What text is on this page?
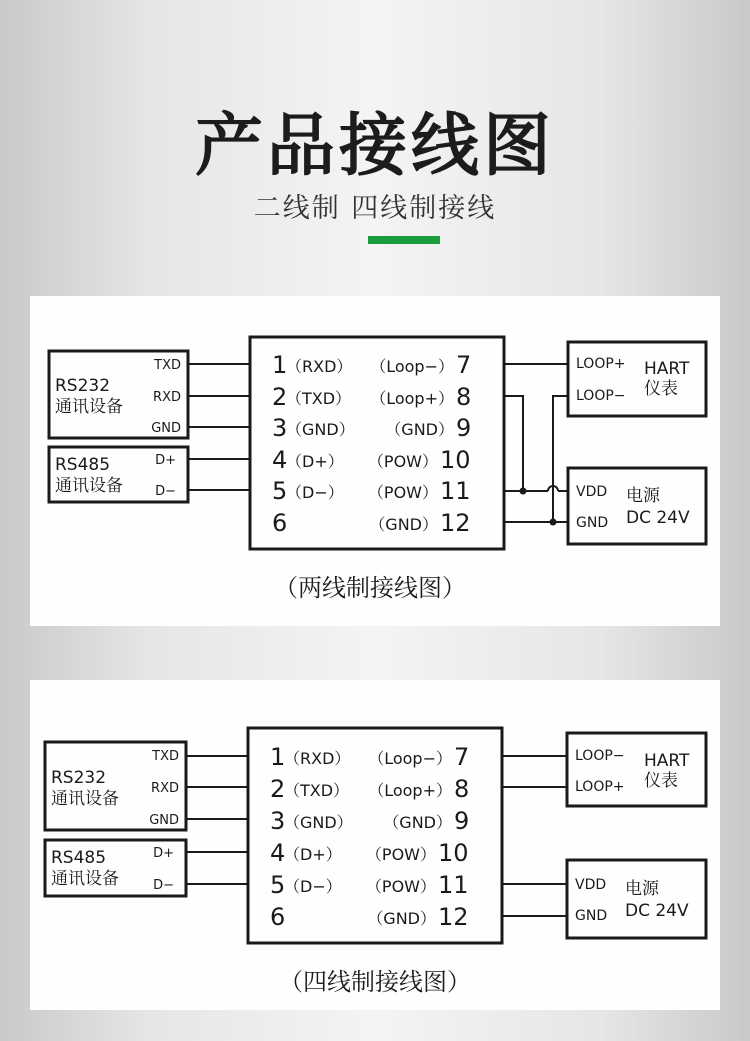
产品接线图
二线制 四线制接线
RS232
通讯设备
TXD
RXD
GND
RS485
通讯设备
D+
D−
1
（RXD）
2
（TXD）
3
（GND）
4
（D+）
5
（D−）
6
（Loop−） 7
（Loop+） 8
（GND） 9
（POW） 10
（POW） 11
（GND） 12
LOOP+
LOOP−
HART
仪表
VDD
GND
电源
DC 24V
（两线制接线图）
RS232
通讯设备
TXD
RXD
GND
RS485
通讯设备
D+
D−
1
（RXD）
2
（TXD）
3
（GND）
4
（D+）
5
（D−）
6
（Loop−） 7
（Loop+） 8
（GND） 9
（POW） 10
（POW） 11
（GND） 12
LOOP−
LOOP+
HART
仪表
VDD
GND
电源
DC 24V
（四线制接线图）
